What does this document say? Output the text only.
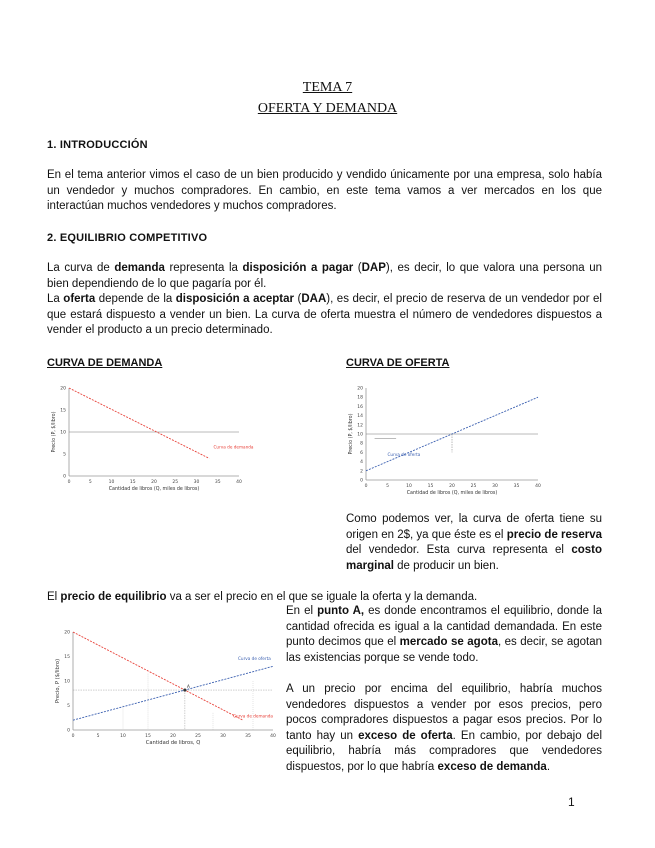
TEMA 7
OFERTA Y DEMANDA
1. INTRODUCCIÓN
En el tema anterior vimos el caso de un bien producido y vendido únicamente por una empresa, solo había un vendedor y muchos compradores. En cambio, en este tema vamos a ver mercados en los que interactúan muchos vendedores y muchos compradores.
2. EQUILIBRIO COMPETITIVO
La curva de demanda representa la disposición a pagar (DAP), es decir, lo que valora una persona un bien dependiendo de lo que pagaría por él.
La oferta depende de la disposición a aceptar (DAA), es decir, el precio de reserva de un vendedor por el que estará dispuesto a vender un bien. La curva de oferta muestra el número de vendedores dispuestos a vender el producto a un precio determinado.
CURVA DE DEMANDA	CURVA DE OFERTA
0	5	10	15	20	25	30	35	40
0
5
10
15
20
Cantidad de libros (Q, miles de libros)
Precio (P, $/libro)	Curva de demanda
0	5	10	15	20	25	30	35	40
0
2
4
6
8
10
12
14
16
18
20
Cantidad de libros (Q, miles de libros)
Precio (P, $/libro)
Curva de oferta
Como podemos ver, la curva de oferta tiene su origen en 2$, ya que éste es el precio de reserva del vendedor. Esta curva representa el costo marginal de producir un bien.
El precio de equilibrio va a ser el precio en el que se iguale la oferta y la demanda.
0	5	10	15	20	25	30	35	40
0
5
10
15
20
Cantidad de libros, Q
Precio, P ($/libro)
Curva de oferta
Curva de demanda
A
En el punto A, es donde encontramos el equilibrio, donde la cantidad ofrecida es igual a la cantidad demandada. En este punto decimos que el mercado se agota, es decir, se agotan las existencias porque se vende todo.
A un precio por encima del equilibrio, habría muchos vendedores dispuestos a vender por esos precios, pero pocos compradores dispuestos a pagar esos precios. Por lo tanto hay un exceso de oferta. En cambio, por debajo del equilibrio, habría más compradores que vendedores dispuestos, por lo que habría exceso de demanda.
1
